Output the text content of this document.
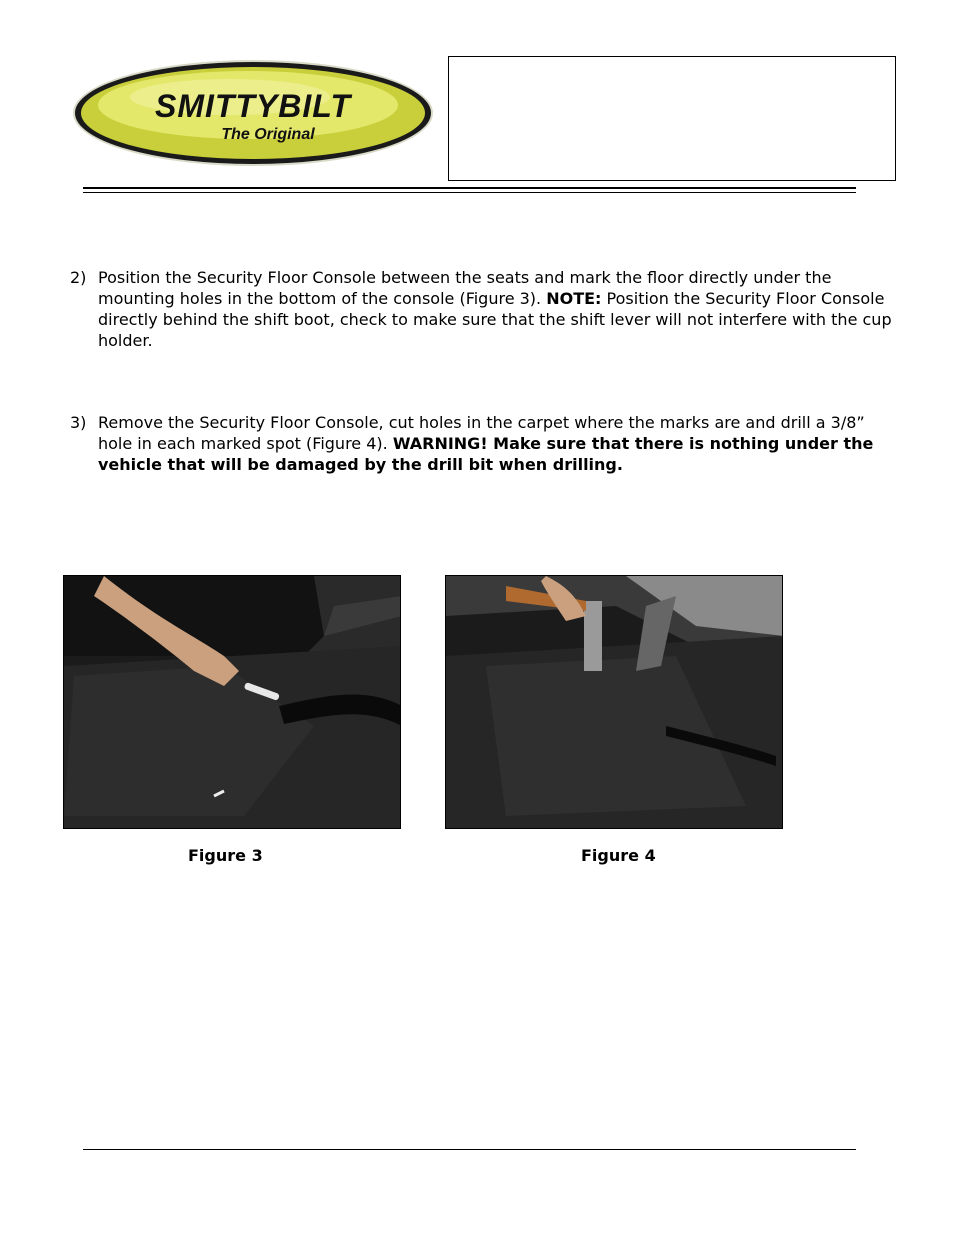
SMITTYBILT
The Original
2) Position the Security Floor Console between the seats and mark the floor directly under the mounting holes in the bottom of the console (Figure 3). NOTE: Position the Security Floor Console directly behind the shift boot, check to make sure that the shift lever will not interfere with the cup holder.
3) Remove the Security Floor Console, cut holes in the carpet where the marks are and drill a 3/8” hole in each marked spot (Figure 4). WARNING! Make sure that there is nothing under the vehicle that will be damaged by the drill bit when drilling.
Figure 3	Figure 4
